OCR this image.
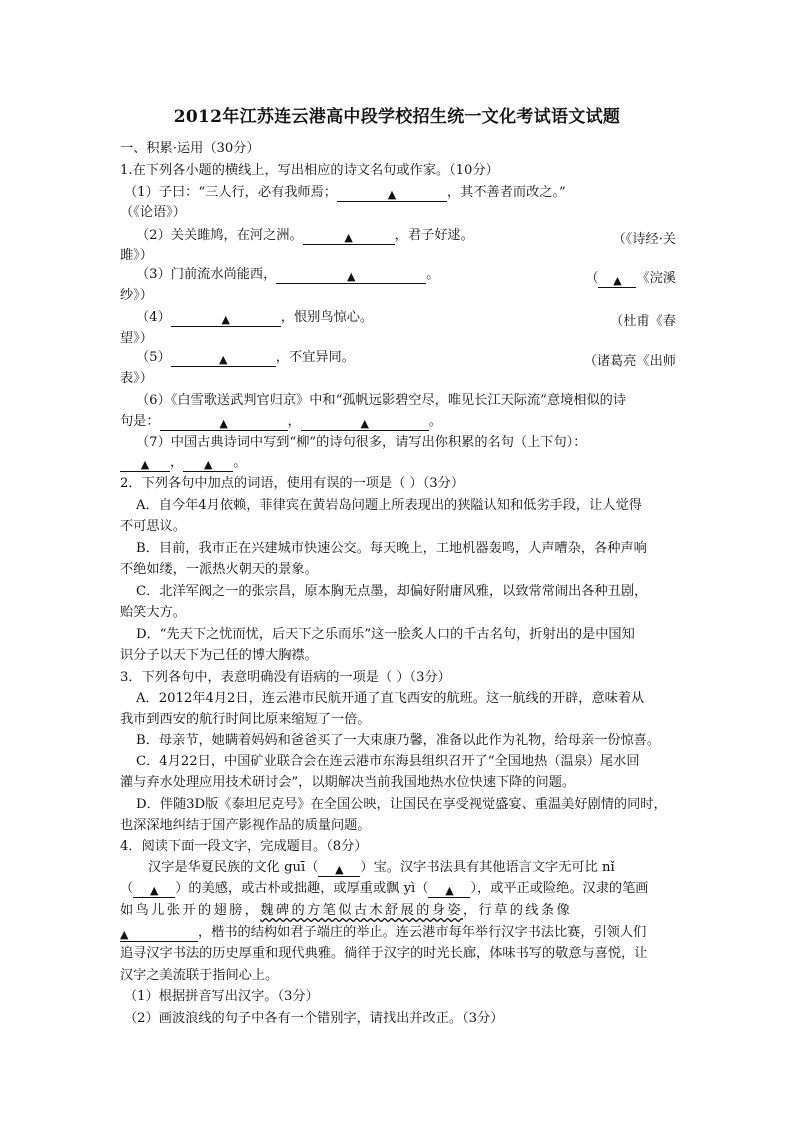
2012年江苏连云港高中段学校招生统一文化考试语文试题
一、积累·运用（30分）
1.在下列各小题的横线上，写出相应的诗文名句或作家。（10分）
（1）子曰：“三人行，必有我师焉；	▲	，其不善者而改之。”
（《论语》）
（2）关关雎鸠，在河之洲。	▲	，君子好逑。	（《诗经·关
雎》）
（3）门前流水尚能西，	▲	。	（ ▲ 《浣溪
纱》）
（4）	▲	，恨别鸟惊心。	（杜甫《春
望》）
（5）	▲	，不宜异同。	（诸葛亮《出师
表》）
（6）《白雪歌送武判官归京》中和“孤帆远影碧空尽，唯见长江天际流”意境相似的诗
句是：	▲	，	▲	。
（7）中国古典诗词中写到“柳”的诗句很多，请写出你积累的名句（上下句）：
▲ ， ▲ 。
2．下列各句中加点的词语，使用有误的一项是（ ）（3分）
A．自今年4月依赖，菲律宾在黄岩岛问题上所表现出的狭隘认知和低劣手段，让人觉得
不可思议。
B．目前，我市正在兴建城市快速公交。每天晚上，工地机器轰鸣，人声嘈杂，各种声响
不绝如缕，一派热火朝天的景象。
C．北洋军阀之一的张宗昌，原本胸无点墨，却偏好附庸风雅，以致常常闹出各种丑剧，
贻笑大方。
D．“先天下之忧而忧，后天下之乐而乐”这一脍炙人口的千古名句，折射出的是中国知
识分子以天下为己任的博大胸襟。
3．下列各句中，表意明确没有语病的一项是（ ）（3分）
A．2012年4月2日，连云港市民航开通了直飞西安的航班。这一航线的开辟，意味着从
我市到西安的航行时间比原来缩短了一倍。
B．母亲节，她瞒着妈妈和爸爸买了一大束康乃馨，准备以此作为礼物，给母亲一份惊喜。
C．4月22日，中国矿业联合会在连云港市东海县组织召开了“全国地热（温泉）尾水回
灌与弃水处理应用技术研讨会”，以期解决当前我国地热水位快速下降的问题。
D．伴随3D版《泰坦尼克号》在全国公映，让国民在享受视觉盛宴、重温美好剧情的同时，
也深深地纠结于国产影视作品的质量问题。
4．阅读下面一段文字，完成题目。（8分）
汉字是华夏民族的文化 guī（ ▲ ）宝。汉字书法具有其他语言文字无可比 nǐ
（ ▲ ）的美感，或古朴或拙趣，或厚重或飘 yì（ ▲ ），或平正或险绝。汉隶的笔画
如鸟儿张开的翅膀，魏碑的方笔似古木舒展的身姿，行草的线条像
▲	，楷书的结构如君子端庄的举止。连云港市每年举行汉字书法比赛，引领人们
追寻汉字书法的历史厚重和现代典雅。徜徉于汉字的时光长廊，体味书写的敬意与喜悦，让
汉字之美流联于指间心上。
（1）根据拼音写出汉字。（3分）
（2）画波浪线的句子中各有一个错别字，请找出并改正。（3分）
